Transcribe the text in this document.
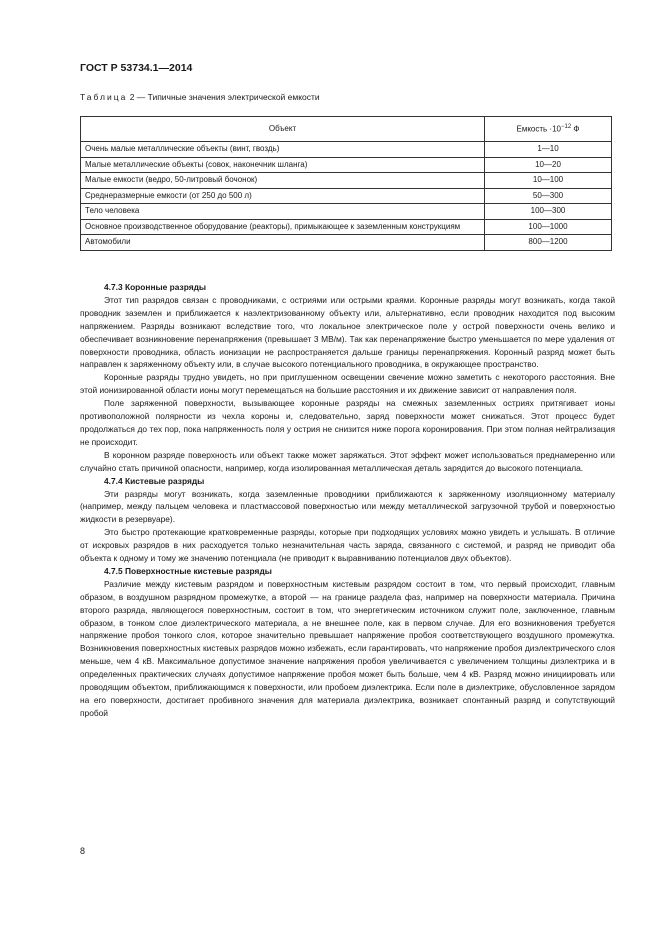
ГОСТ Р 53734.1—2014
Таблица 2 — Типичные значения электрической емкости
Объект	Емкость $\cdot 10^{-12}$ Ф
Очень малые металлические объекты (винт, гвоздь)	1—10
Малые металлические объекты (совок, наконечник шланга)	10—20
Малые емкости (ведро, 50-литровый бочонок)	10—100
Среднеразмерные емкости (от 250 до 500 л)	50—300
Тело человека	100—300
Основное производственное оборудование (реакторы), примыкающее к заземленным конструкциям	100—1000
Автомобили	800—1200
4.7.3 Коронные разряды

Этот тип разрядов связан с проводниками, с остриями или острыми краями. Коронные разряды могут возникать, когда такой проводник заземлен и приближается к наэлектризованному объекту или, альтернативно, если проводник находится под высоким напряжением. Разряды возникают вследствие того, что локальное электрическое поле у острой поверхности очень велико и обеспечивает возникновение перенапряжения (превышает 3 МВ/м). Так как перенапряжение быстро уменьшается по мере удаления от поверхности проводника, область ионизации не распространяется дальше границы перенапряжения. Коронный разряд может быть направлен к заряженному объекту или, в случае высокого потенциального проводника, в окружающее пространство.

Коронные разряды трудно увидеть, но при приглушенном освещении свечение можно заметить с некоторого расстояния. Вне этой ионизированной области ионы могут перемещаться на большие расстояния и их движение зависит от направления поля.

Поле заряженной поверхности, вызывающее коронные разряды на смежных заземленных остриях притягивает ионы противоположной полярности из чехла короны и, следовательно, заряд поверхности может снижаться. Этот процесс будет продолжаться до тех пор, пока напряженность поля у острия не снизится ниже порога коронирования. При этом полная нейтрализация не происходит.

В коронном разряде поверхность или объект также может заряжаться. Этот эффект может использоваться преднамеренно или случайно стать причиной опасности, например, когда изолированная металлическая деталь зарядится до высокого потенциала.

4.7.4 Кистевые разряды

Эти разряды могут возникать, когда заземленные проводники приближаются к заряженному изоляционному материалу (например, между пальцем человека и пластмассовой поверхностью или между металлической загрузочной трубой и поверхностью жидкости в резервуаре).

Это быстро протекающие кратковременные разряды, которые при подходящих условиях можно увидеть и услышать. В отличие от искровых разрядов в них расходуется только незначительная часть заряда, связанного с системой, и разряд не приводит оба объекта к одному и тому же значению потенциала (не приводит к выравниванию потенциалов двух объектов).

4.7.5 Поверхностные кистевые разряды

Различие между кистевым разрядом и поверхностным кистевым разрядом состоит в том, что первый происходит, главным образом, в воздушном разрядном промежутке, а второй — на границе раздела фаз, например на поверхности материала. Причина второго разряда, являющегося поверхностным, состоит в том, что энергетическим источником служит поле, заключенное, главным образом, в тонком слое диэлектрического материала, а не внешнее поле, как в первом случае. Для его возникновения требуется напряжение пробоя тонкого слоя, которое значительно превышает напряжение пробоя соответствующего воздушного промежутка. Возникновения поверхностных кистевых разрядов можно избежать, если гарантировать, что напряжение пробоя диэлектрического слоя меньше, чем 4 кВ. Максимальное допустимое значение напряжения пробоя увеличивается с увеличением толщины диэлектрика и в определенных практических случаях допустимое напряжение пробоя может быть больше, чем 4 кВ. Разряд можно инициировать или проводящим объектом, приближающимся к поверхности, или пробоем диэлектрика. Если поле в диэлектрике, обусловленное зарядом на его поверхности, достигает пробивного значения для материала диэлектрика, возникает спонтанный разряд и сопутствующий пробой

8
